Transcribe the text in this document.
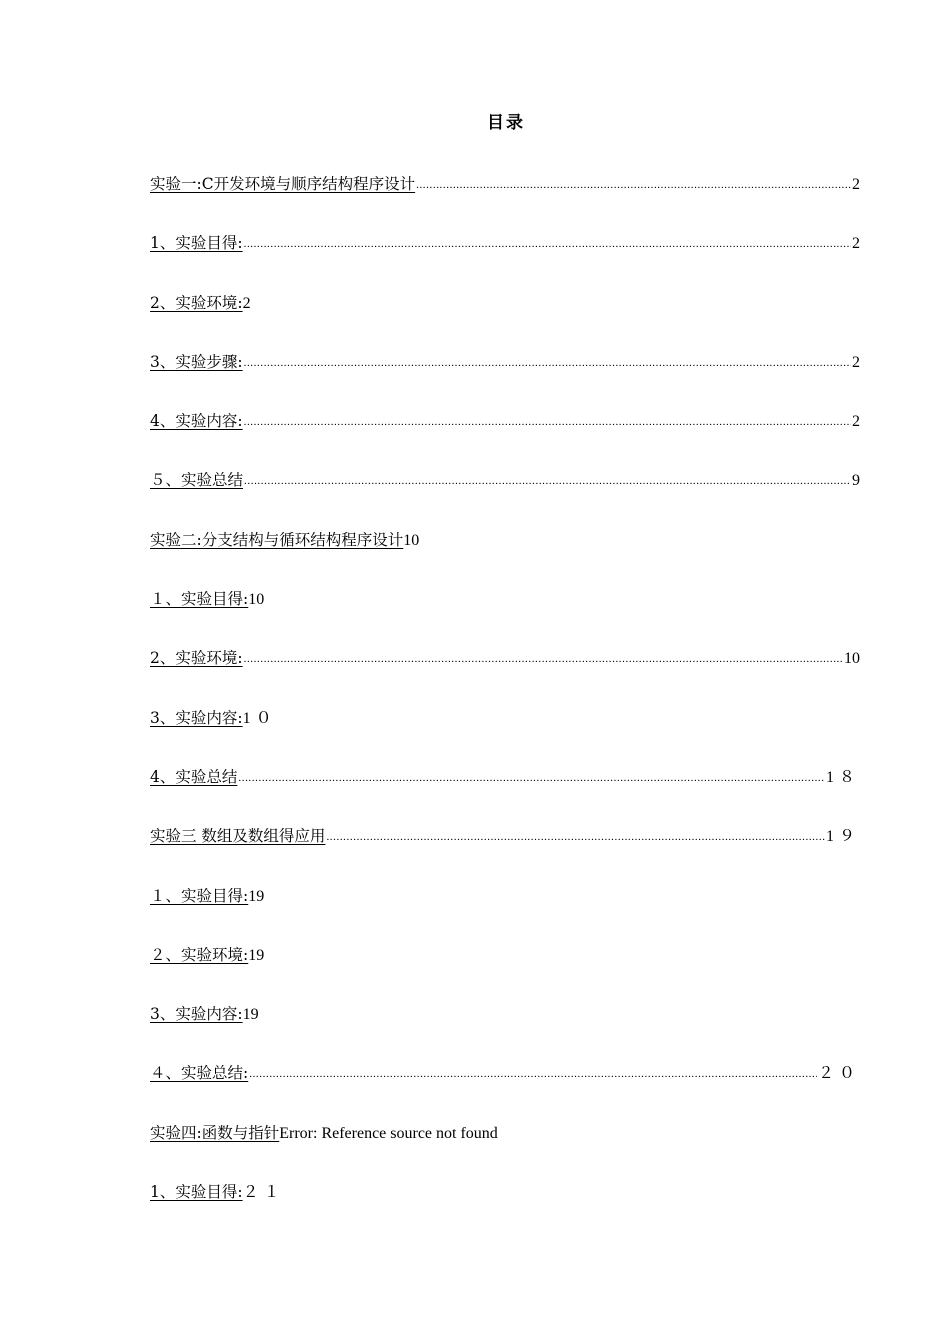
目录
实验一:C开发环境与顺序结构程序设计 .....	2
1、实验目得: .....	2
2、实验环境: 2
3、实验步骤: .....	2
4、实验内容: .....	2
５、实验总结 .....	9
实验二:分支结构与循环结构程序设计 10
１、实验目得: 10
2、实验环境: .....	10
3、实验内容: 1０
4、实验总结 .....	1８
实验三 数组及数组得应用 .....	1９
１、实验目得: 19
２、实验环境: 19
3、实验内容: 19
４、实验总结: .....	２０
实验四:函数与指针 Error: Reference source not found
1、实验目得: ２１
